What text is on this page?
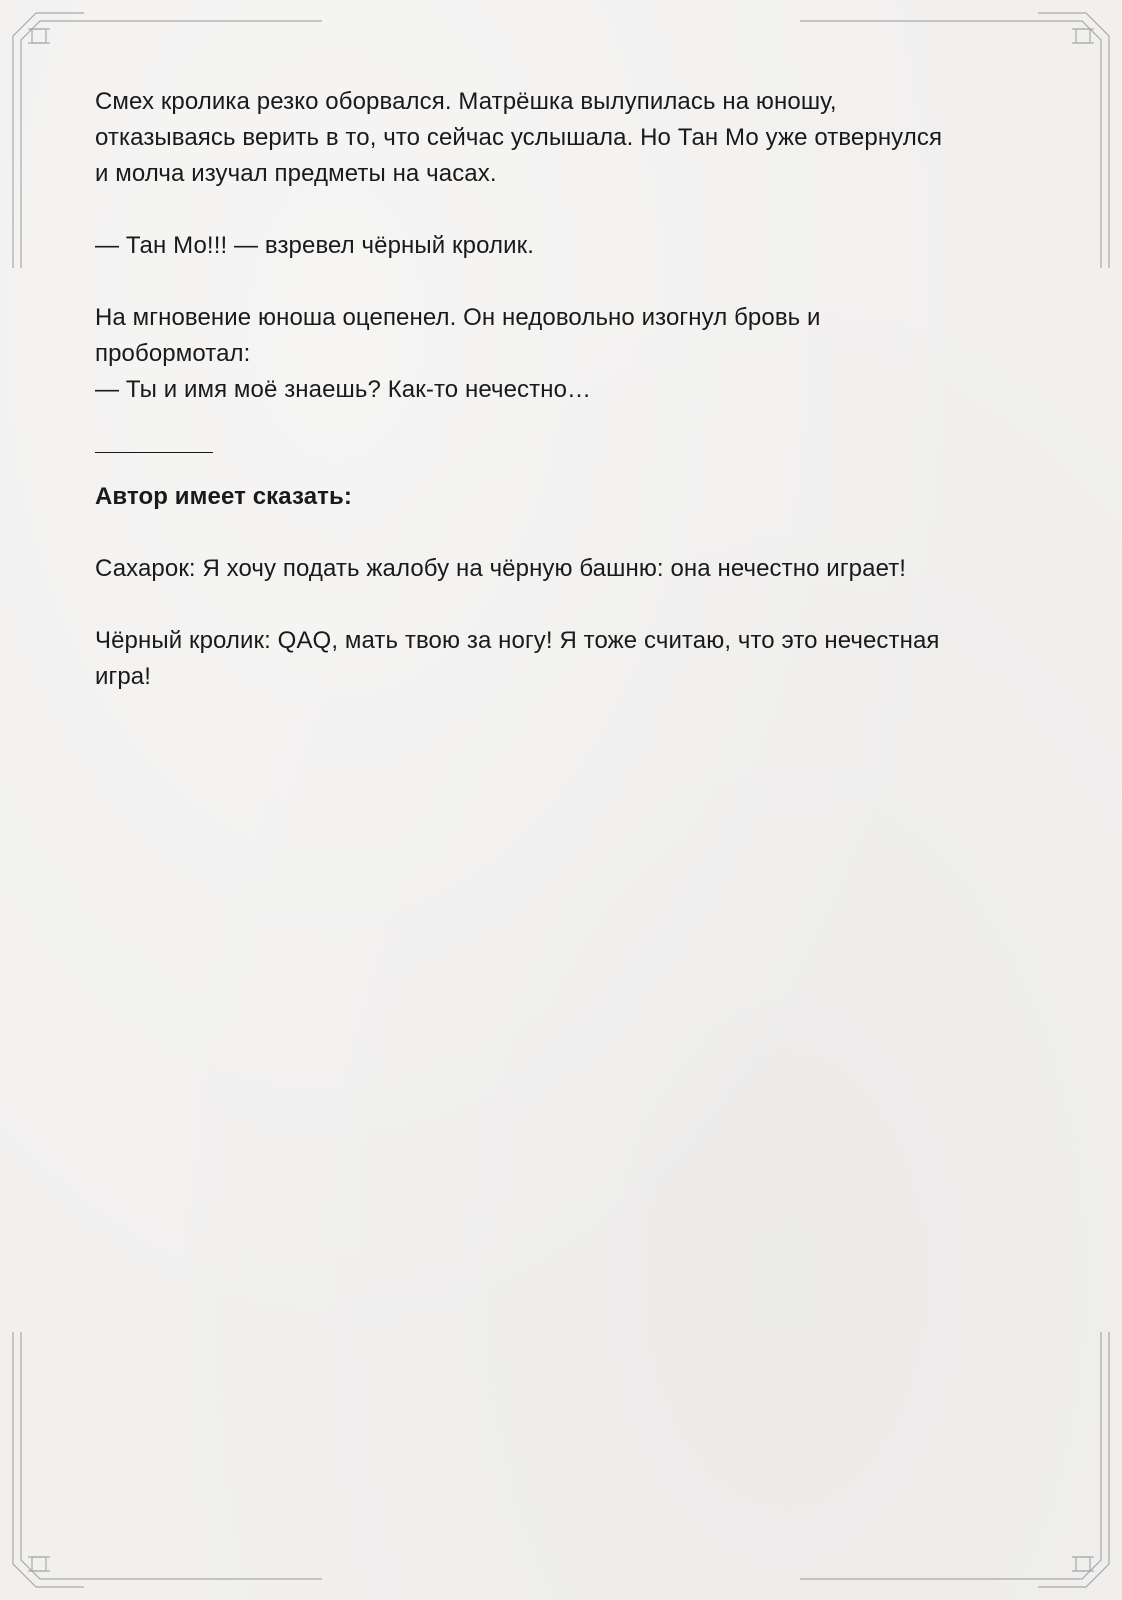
Смех кролика резко оборвался. Матрёшка вылупилась на юношу,
отказываясь верить в то, что сейчас услышала. Но Тан Мо уже отвернулся
и молча изучал предметы на часах.

— Тан Мо!!! — взревел чёрный кролик.

На мгновение юноша оцепенел. Он недовольно изогнул бровь и
пробормотал:
— Ты и имя моё знаешь? Как-то нечестно…

Автор имеет сказать:

Сахарок: Я хочу подать жалобу на чёрную башню: она нечестно играет!

Чёрный кролик: QAQ, мать твою за ногу! Я тоже считаю, что это нечестная
игра!
